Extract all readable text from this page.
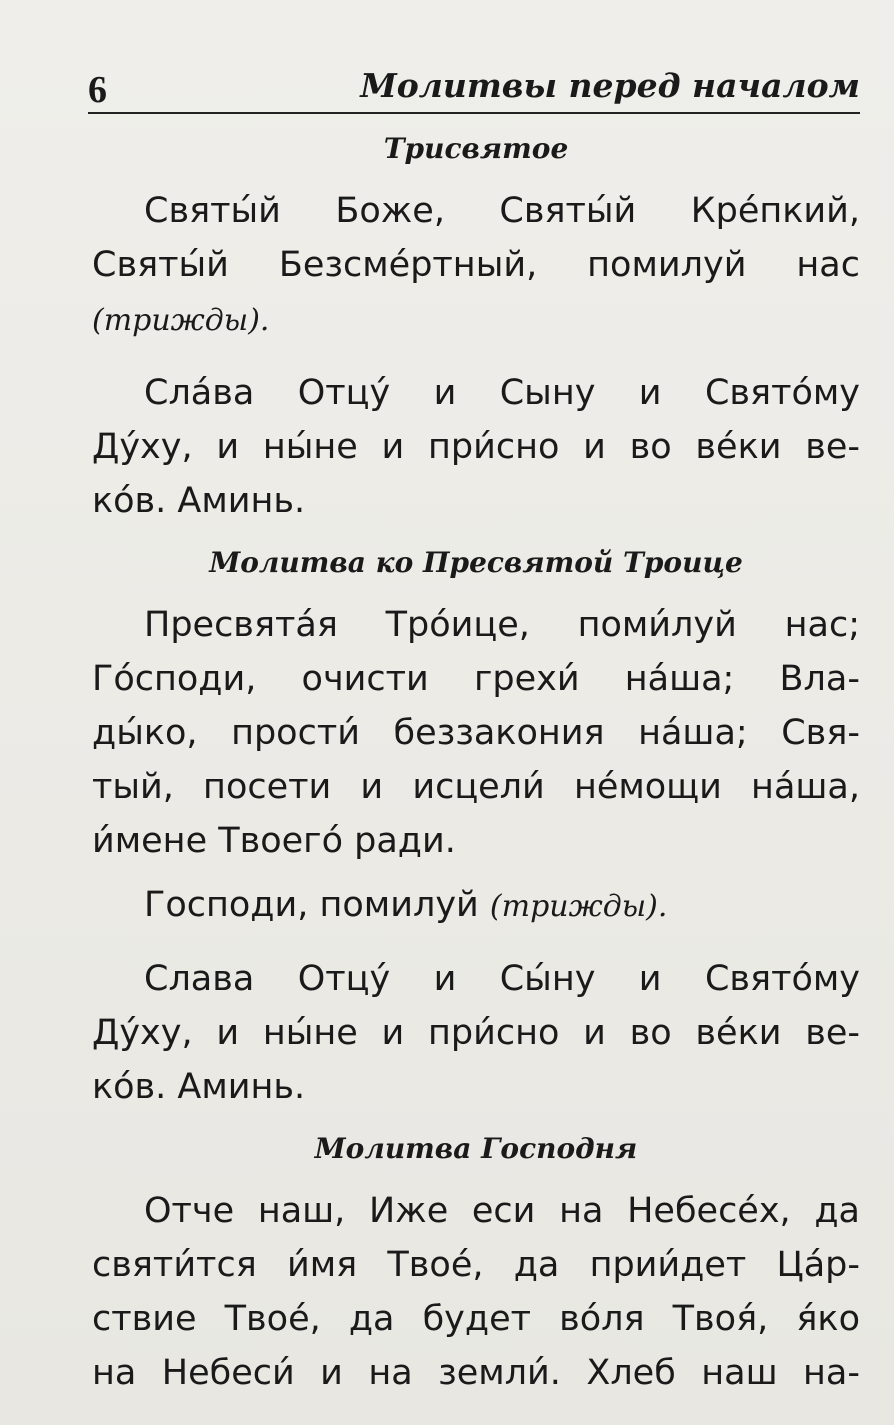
6	Молитвы перед началом
Трисвятое
Святы́й Боже, Святы́й Кре́пкий,
Святы́й Безсме́ртный, помилуй нас
(трижды).
Сла́ва Отцу́ и Сыну и Свято́му
Ду́ху, и ны́не и при́сно и во ве́ки ве-
ко́в. Аминь.
Молитва ко Пресвятой Троице
Пресвята́я Тро́ице, поми́луй нас;
Го́споди, очисти грехи́ на́ша; Вла-
ды́ко, прости́ беззакония на́ша; Свя-
тый, посети и исцели́ не́мощи на́ша,
и́мене Твоего́ ради.
Господи, помилуй (трижды).
Слава Отцу́ и Сы́ну и Свято́му
Ду́ху, и ны́не и при́сно и во ве́ки ве-
ко́в. Аминь.
Молитва Господня
Отче наш, Иже еси на Небесе́х, да
святи́тся и́мя Твое́, да прии́дет Ца́р-
ствие Твое́, да будет во́ля Твоя́, я́ко
на Небеси́ и на земли́. Хлеб наш на-
